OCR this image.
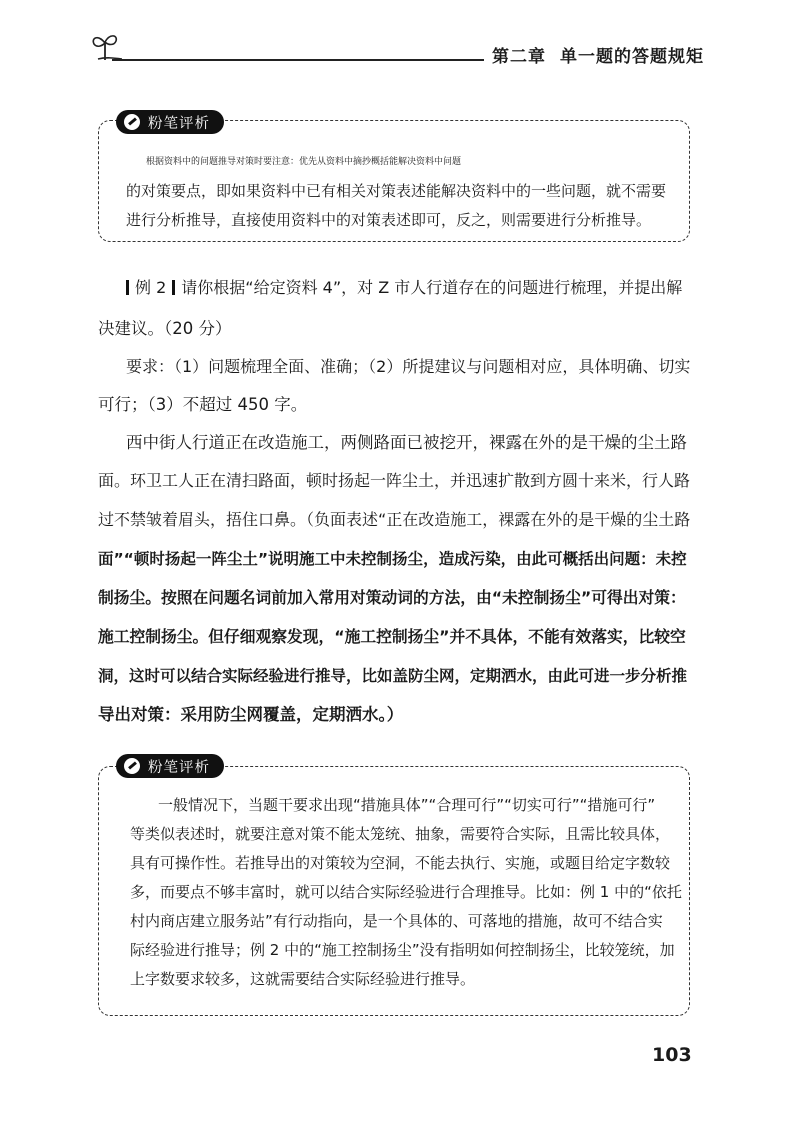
第二章 单一题的答题规矩
粉笔评析
根据资料中的问题推导对策时要注意：优先从资料中摘抄概括能解决资料中问题
的对策要点，即如果资料中已有相关对策表述能解决资料中的一些问题，就不需要
进行分析推导，直接使用资料中的对策表述即可，反之，则需要进行分析推导。
例 2 请你根据“给定资料 4”，对 Z 市人行道存在的问题进行梳理，并提出解
决建议。（20 分）
要求：（1）问题梳理全面、准确；（2）所提建议与问题相对应，具体明确、切实
可行；（3）不超过 450 字。
西中街人行道正在改造施工，两侧路面已被挖开，裸露在外的是干燥的尘土路
面。环卫工人正在清扫路面，顿时扬起一阵尘土，并迅速扩散到方圆十来米，行人路
过不禁皱着眉头，捂住口鼻。（负面表述“正在改造施工，裸露在外的是干燥的尘土路
面”“顿时扬起一阵尘土”说明施工中未控制扬尘，造成污染，由此可概括出问题：未控
制扬尘。按照在问题名词前加入常用对策动词的方法，由“未控制扬尘”可得出对策：
施工控制扬尘。但仔细观察发现，“施工控制扬尘”并不具体，不能有效落实，比较空
洞，这时可以结合实际经验进行推导，比如盖防尘网，定期洒水，由此可进一步分析推
导出对策：采用防尘网覆盖，定期洒水。）
粉笔评析
一般情况下，当题干要求出现“措施具体”“合理可行”“切实可行”“措施可行”
等类似表述时，就要注意对策不能太笼统、抽象，需要符合实际，且需比较具体，
具有可操作性。若推导出的对策较为空洞，不能去执行、实施，或题目给定字数较
多，而要点不够丰富时，就可以结合实际经验进行合理推导。比如：例 1 中的“依托
村内商店建立服务站”有行动指向，是一个具体的、可落地的措施，故可不结合实
际经验进行推导；例 2 中的“施工控制扬尘”没有指明如何控制扬尘，比较笼统，加
上字数要求较多，这就需要结合实际经验进行推导。
103
